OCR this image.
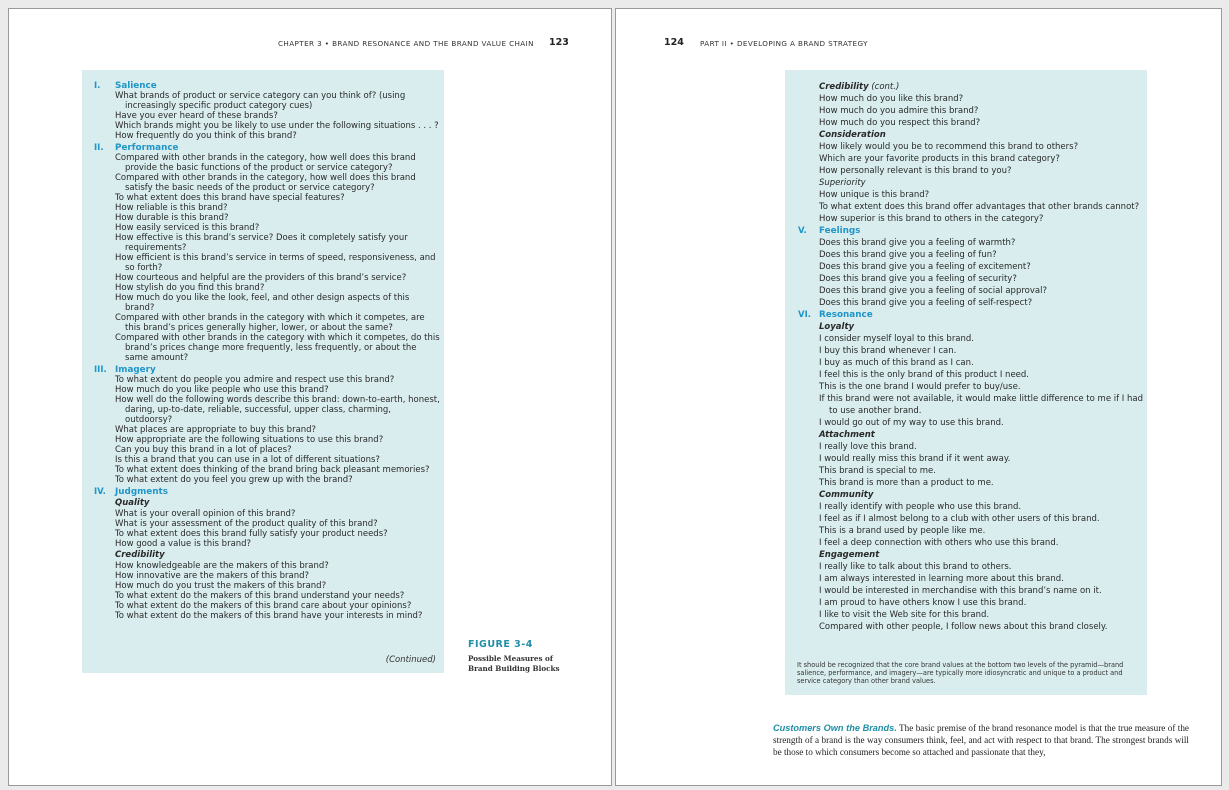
CHAPTER 3 • BRAND RESONANCE AND THE BRAND VALUE CHAIN 123
I. Salience
What brands of product or service category can you think of? (using increasingly specific product category cues)
Have you ever heard of these brands?
Which brands might you be likely to use under the following situations . . . ?
How frequently do you think of this brand?
II. Performance
Compared with other brands in the category, how well does this brand provide the basic functions of the product or service category?
Compared with other brands in the category, how well does this brand satisfy the basic needs of the product or service category?
To what extent does this brand have special features?
How reliable is this brand?
How durable is this brand?
How easily serviced is this brand?
How effective is this brand’s service? Does it completely satisfy your requirements?
How efficient is this brand’s service in terms of speed, responsiveness, and so forth?
How courteous and helpful are the providers of this brand’s service?
How stylish do you find this brand?
How much do you like the look, feel, and other design aspects of this brand?
Compared with other brands in the category with which it competes, are this brand’s prices generally higher, lower, or about the same?
Compared with other brands in the category with which it competes, do this brand’s prices change more frequently, less frequently, or about the same amount?
III. Imagery
To what extent do people you admire and respect use this brand?
How much do you like people who use this brand?
How well do the following words describe this brand: down-to-earth, honest, daring, up-to-date, reliable, successful, upper class, charming, outdoorsy?
What places are appropriate to buy this brand?
How appropriate are the following situations to use this brand?
Can you buy this brand in a lot of places?
Is this a brand that you can use in a lot of different situations?
To what extent does thinking of the brand bring back pleasant memories?
To what extent do you feel you grew up with the brand?
IV. Judgments
Quality
What is your overall opinion of this brand?
What is your assessment of the product quality of this brand?
To what extent does this brand fully satisfy your product needs?
How good a value is this brand?
Credibility
How knowledgeable are the makers of this brand?
How innovative are the makers of this brand?
How much do you trust the makers of this brand?
To what extent do the makers of this brand understand your needs?
To what extent do the makers of this brand care about your opinions?
To what extent do the makers of this brand have your interests in mind?
(Continued)
FIGURE 3-4
Possible Measures of Brand Building Blocks
124 PART II • DEVELOPING A BRAND STRATEGY
Credibility (cont.)
How much do you like this brand?
How much do you admire this brand?
How much do you respect this brand?
Consideration
How likely would you be to recommend this brand to others?
Which are your favorite products in this brand category?
How personally relevant is this brand to you?
Superiority
How unique is this brand?
To what extent does this brand offer advantages that other brands cannot?
How superior is this brand to others in the category?
V. Feelings
Does this brand give you a feeling of warmth?
Does this brand give you a feeling of fun?
Does this brand give you a feeling of excitement?
Does this brand give you a feeling of security?
Does this brand give you a feeling of social approval?
Does this brand give you a feeling of self-respect?
VI. Resonance
Loyalty
I consider myself loyal to this brand.
I buy this brand whenever I can.
I buy as much of this brand as I can.
I feel this is the only brand of this product I need.
This is the one brand I would prefer to buy/use.
If this brand were not available, it would make little difference to me if I had to use another brand.
I would go out of my way to use this brand.
Attachment
I really love this brand.
I would really miss this brand if it went away.
This brand is special to me.
This brand is more than a product to me.
Community
I really identify with people who use this brand.
I feel as if I almost belong to a club with other users of this brand.
This is a brand used by people like me.
I feel a deep connection with others who use this brand.
Engagement
I really like to talk about this brand to others.
I am always interested in learning more about this brand.
I would be interested in merchandise with this brand’s name on it.
I am proud to have others know I use this brand.
I like to visit the Web site for this brand.
Compared with other people, I follow news about this brand closely.
It should be recognized that the core brand values at the bottom two levels of the pyramid—brand salience, performance, and imagery—are typically more idiosyncratic and unique to a product and service category than other brand values.
Customers Own the Brands. The basic premise of the brand resonance model is that the true measure of the strength of a brand is the way consumers think, feel, and act with respect to that brand. The strongest brands will be those to which consumers become so attached and passionate that they,
